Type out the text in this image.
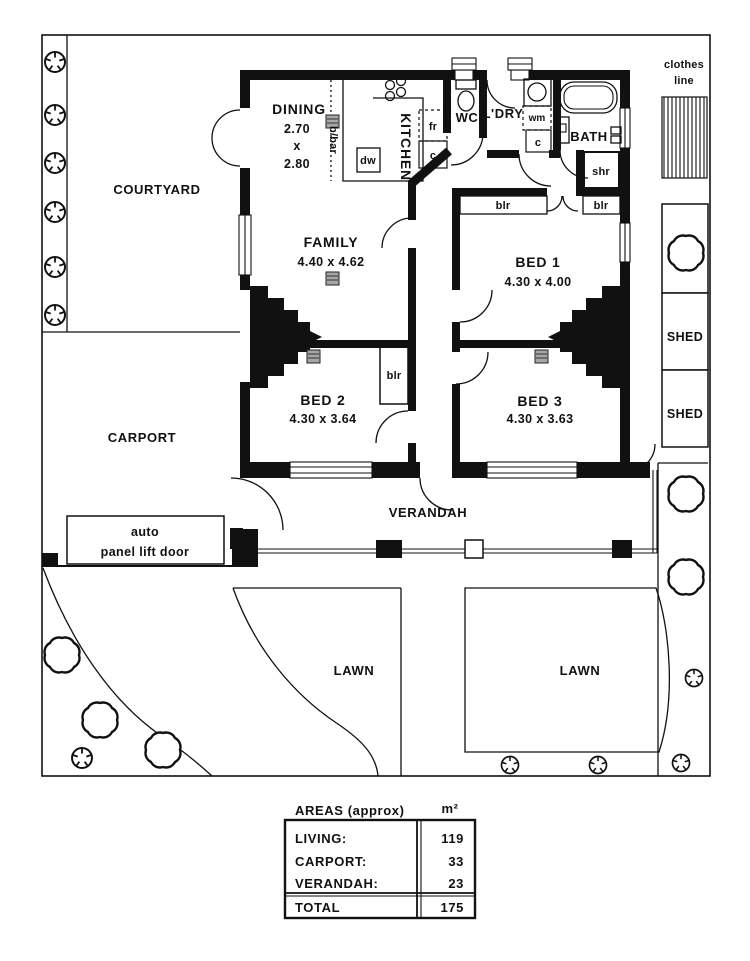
DINING
2.70
x
2.80	KITCHEN
b/bar
dw
fr
c
WC L'DRY wm
c BATH
shr
blr	blr
blr
FAMILY
4.40 x 4.62	BED 1
4.30 x 4.00
BED 2
4.30 x 3.64
BED 3
4.30 x 3.63
COURTYARD
CARPORT
auto
panel lift door
VERANDAH
LAWN	LAWN
clothes
line
SHED
SHED
AREAS (approx)	m²
LIVING:	119
CARPORT:	33
VERANDAH:	23
TOTAL	175
